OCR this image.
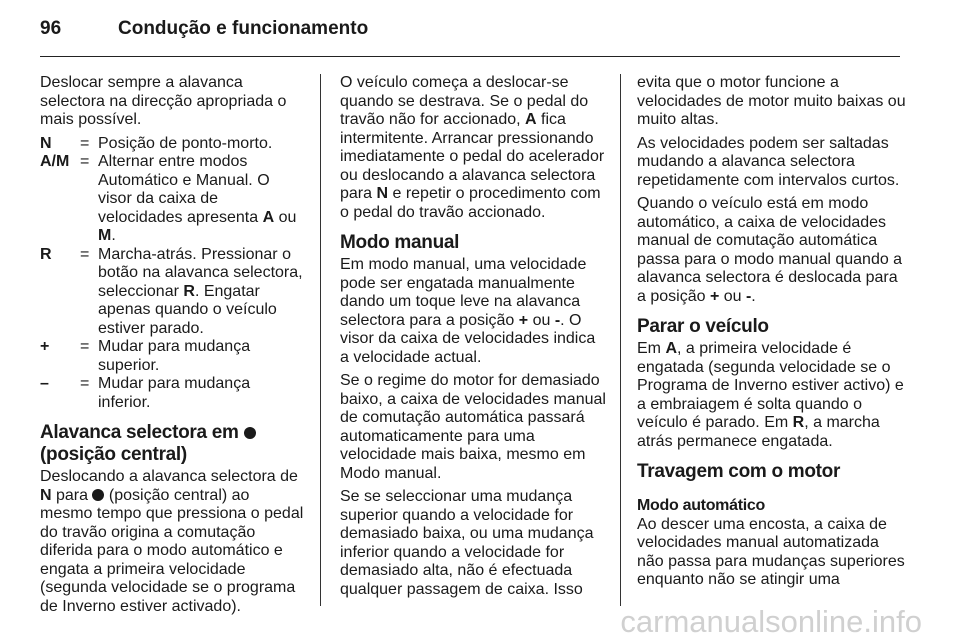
96	Condução e funcionamento

Deslocar sempre a alavanca selectora na direcção apropriada o mais possível.

N	= Posição de ponto-morto.
A/M = Alternar entre modos Automático e Manual. O visor da caixa de velocidades apresenta A ou M.
R	= Marcha-atrás. Pressionar o botão na alavanca selectora, seleccionar R. Engatar apenas quando o veículo estiver parado.
+	= Mudar para mudança superior.
–	= Mudar para mudança inferior.
Alavanca selectora em
(posição central)

Deslocando a alavanca selectora de N para  (posição central) ao mesmo tempo que pressiona o pedal do travão origina a comutação diferida para o modo automático e engata a primeira velocidade (segunda velocidade se o programa de Inverno estiver activado).

O veículo começa a deslocar-se quando se destrava. Se o pedal do travão não for accionado, A fica intermitente. Arrancar pressionando imediatamente o pedal do acelerador ou deslocando a alavanca selectora para N e repetir o procedimento com o pedal do travão accionado.

Modo manual

Em modo manual, uma velocidade pode ser engatada manualmente dando um toque leve na alavanca selectora para a posição + ou -. O visor da caixa de velocidades indica a velocidade actual.

Se o regime do motor for demasiado baixo, a caixa de velocidades manual de comutação automática passará automaticamente para uma velocidade mais baixa, mesmo em Modo manual.

Se se seleccionar uma mudança superior quando a velocidade for demasiado baixa, ou uma mudança inferior quando a velocidade for demasiado alta, não é efectuada qualquer passagem de caixa. Isso

evita que o motor funcione a velocidades de motor muito baixas ou muito altas.

As velocidades podem ser saltadas mudando a alavanca selectora repetidamente com intervalos curtos.

Quando o veículo está em modo automático, a caixa de velocidades manual de comutação automática passa para o modo manual quando a alavanca selectora é deslocada para a posição + ou -.

Parar o veículo

Em A, a primeira velocidade é engatada (segunda velocidade se o Programa de Inverno estiver activo) e a embraiagem é solta quando o veículo é parado. Em R, a marcha atrás permanece engatada.

Travagem com o motor
Modo automático

Ao descer uma encosta, a caixa de velocidades manual automatizada não passa para mudanças superiores enquanto não se atingir uma

carmanualsonline.info
